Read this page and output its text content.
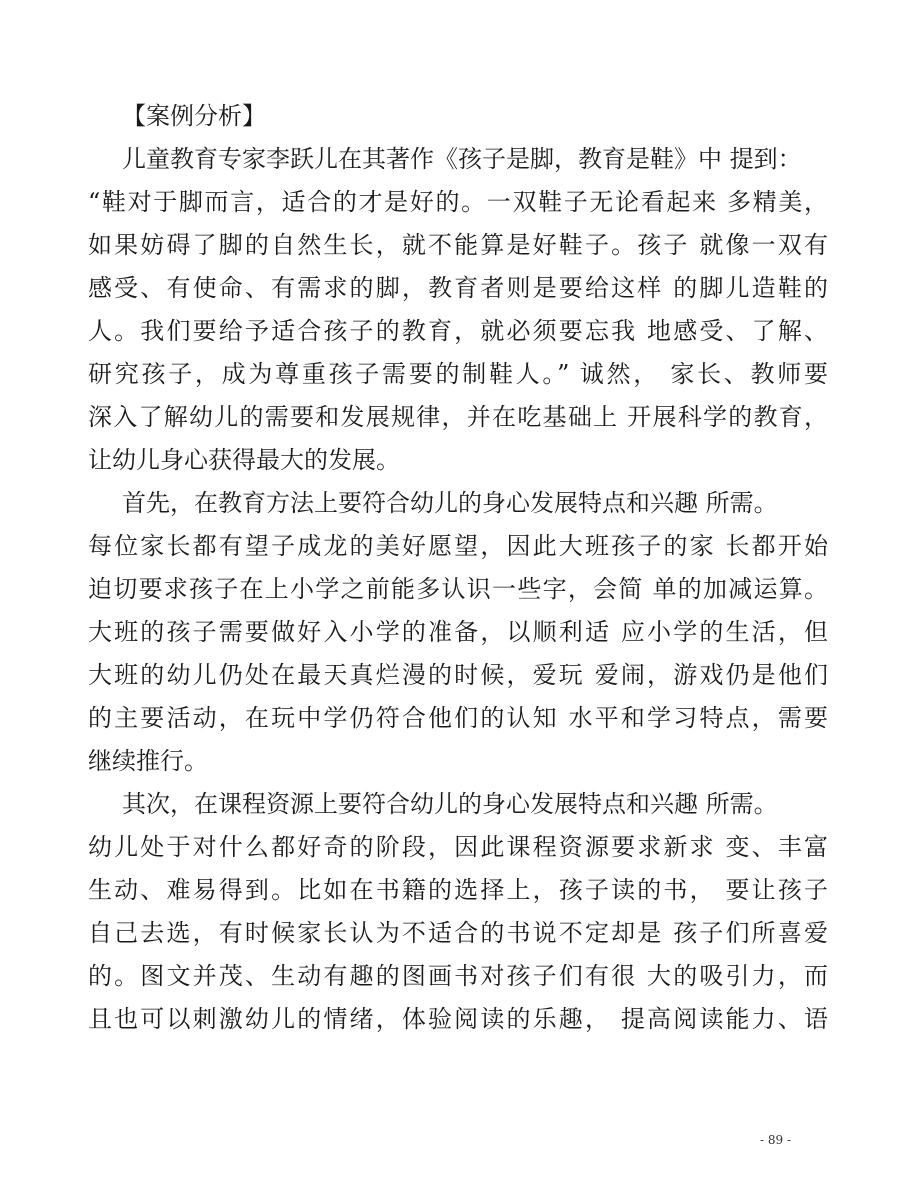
【案例分析】
儿童教育专家李跃儿在其著作《孩子是脚，教育是鞋》中 提到：
“鞋对于脚而言，适合的才是好的。一双鞋子无论看起来 多精美，
如果妨碍了脚的自然生长，就不能算是好鞋子。孩子 就像一双有
感受、有使命、有需求的脚，教育者则是要给这样 的脚儿造鞋的
人。我们要给予适合孩子的教育，就必须要忘我 地感受、了解、
研究孩子，成为尊重孩子需要的制鞋人。” 诚然， 家长、教师要
深入了解幼儿的需要和发展规律，并在吃基础上 开展科学的教育，
让幼儿身心获得最大的发展。
首先，在教育方法上要符合幼儿的身心发展特点和兴趣 所需。
每位家长都有望子成龙的美好愿望，因此大班孩子的家 长都开始
迫切要求孩子在上小学之前能多认识一些字，会简 单的加减运算。
大班的孩子需要做好入小学的准备，以顺利适 应小学的生活，但
大班的幼儿仍处在最天真烂漫的时候，爱玩 爱闹，游戏仍是他们
的主要活动，在玩中学仍符合他们的认知 水平和学习特点，需要
继续推行。
其次，在课程资源上要符合幼儿的身心发展特点和兴趣 所需。
幼儿处于对什么都好奇的阶段，因此课程资源要求新求 变、丰富
生动、难易得到。比如在书籍的选择上，孩子读的书， 要让孩子
自己去选，有时候家长认为不适合的书说不定却是 孩子们所喜爱
的。图文并茂、生动有趣的图画书对孩子们有很 大的吸引力，而
且也可以刺激幼儿的情绪，体验阅读的乐趣， 提高阅读能力、语
- 89 -
